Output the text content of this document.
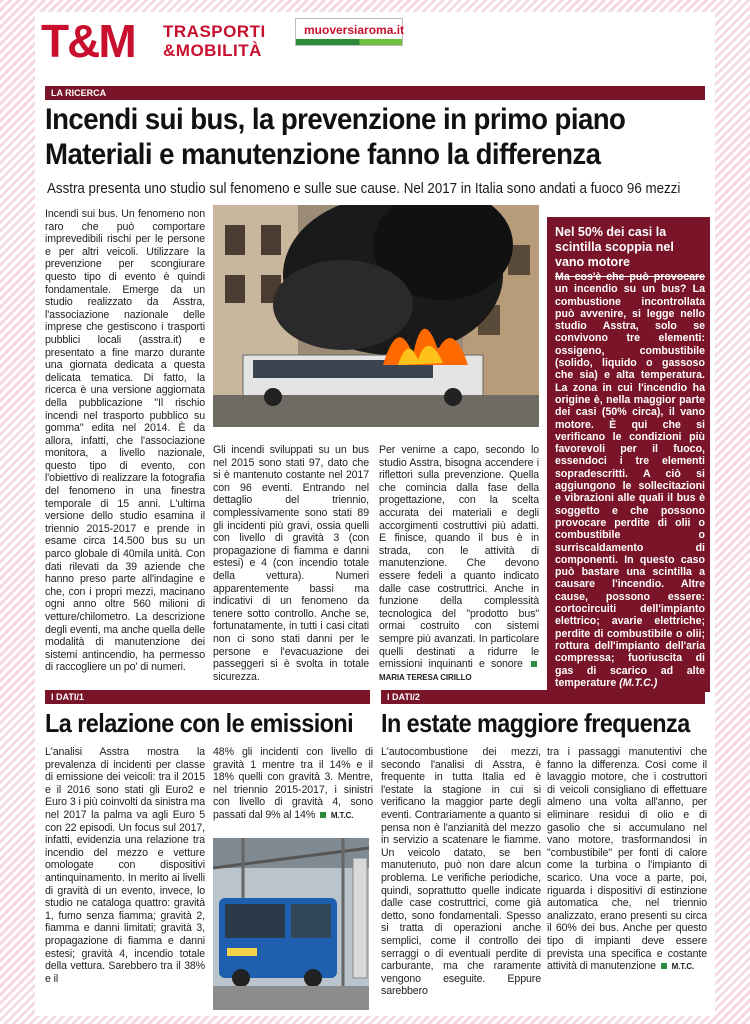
T&M TRASPORTI
&MOBILITÀ
muoversiaroma.it
LA RICERCA
Incendi sui bus, la prevenzione in primo piano
Materiali e manutenzione fanno la differenza
Asstra presenta uno studio sul fenomeno e sulle sue cause. Nel 2017 in Italia sono andati a fuoco 96 mezzi

Incendi sui bus. Un fenomeno non raro che può comportare imprevedibili rischi per le persone e per altri veicoli. Utilizzare la prevenzione per scongiurare questo tipo di evento è quindi fondamentale. Emerge da un studio realizzato da Asstra, l'associazione nazionale delle imprese che gestiscono i trasporti pubblici locali (asstra.it) e presentato a fine marzo durante una giornata dedicata a questa delicata tematica. Di fatto, la ricerca è una versione aggiornata della pubblicazione "Il rischio incendi nel trasporto pubblico su gomma" edita nel 2014. È da allora, infatti, che l'associazione monitora, a livello nazionale, questo tipo di evento, con l'obiettivo di realizzare la fotografia del fenomeno in una finestra temporale di 15 anni. L'ultima versione dello studio esamina il triennio 2015-2017 e prende in esame circa 14.500 bus su un parco globale di 40mila unità. Con dati rilevati da 39 aziende che hanno preso parte all'indagine e che, con i propri mezzi, macinano ogni anno oltre 560 milioni di vetture/chilometro. La descrizione degli eventi, ma anche quella delle modalità di manutenzione dei sistemi antincendio, ha permesso di raccogliere un po' di numeri.

Gli incendi sviluppati su un bus nel 2015 sono stati 97, dato che si è mantenuto costante nel 2017 con 96 eventi. Entrando nel dettaglio del triennio, complessivamente sono stati 89 gli incidenti più gravi, ossia quelli con livello di gravità 3 (con propagazione di fiamma e danni estesi) e 4 (con incendio totale della vettura). Numeri apparentemente bassi ma indicativi di un fenomeno da tenere sotto controllo. Anche se, fortunatamente, in tutti i casi citati non ci sono stati danni per le persone e l'evacuazione dei passeggeri si è svolta in totale sicurezza.

Per venirne a capo, secondo lo studio Asstra, bisogna accendere i riflettori sulla prevenzione. Quella che comincia dalla fase della progettazione, con la scelta accurata dei materiali e degli accorgimenti costruttivi più adatti. E finisce, quando il bus è in strada, con le attività di manutenzione. Che devono essere fedeli a quanto indicato dalle case costruttrici. Anche in funzione della complessità tecnologica del "prodotto bus" ormai costruito con sistemi sempre più avanzati. In particolare quelli destinati a ridurre le emissioni inquinanti e sonore  MARIA TERESA CIRILLO

Nel 50% dei casi la scintilla scoppia nel vano motore
Ma cos'è che può provocare un incendio su un bus? La combustione incontrollata può avvenire, si legge nello studio Asstra, solo se convivono tre elementi: ossigeno, combustibile (solido, liquido o gassoso che sia) e alta temperatura. La zona in cui l'incendio ha origine è, nella maggior parte dei casi (50% circa), il vano motore. È qui che si verificano le condizioni più favorevoli per il fuoco, essendoci i tre elementi sopradescritti. A ciò si aggiungono le sollecitazioni e vibrazioni alle quali il bus è soggetto e che possono provocare perdite di olii o combustibile o surriscaldamento di componenti. In questo caso può bastare una scintilla a causare l'incendio. Altre cause, possono essere: cortocircuiti dell'impianto elettrico; avarie elettriche; perdite di combustibile o olii; rottura dell'impianto dell'aria compressa; fuoriuscita di gas di scarico ad alte temperature (M.T.C.)
I DATI/1
La relazione con le emissioni

L'analisi Asstra mostra la prevalenza di incidenti per classe di emissione dei veicoli: tra il 2015 e il 2016 sono stati gli Euro2 e Euro 3 i più coinvolti da sinistra ma nel 2017 la palma va agli Euro 5 con 22 episodi. Un focus sul 2017, infatti, evidenzia una relazione tra incendio del mezzo e vetture omologate con dispositivi antinquinamento. In merito ai livelli di gravità di un evento, invece, lo studio ne cataloga quattro: gravità 1, fumo senza fiamma; gravità 2, fiamma e danni limitati; gravità 3, propagazione di fiamma e danni estesi; gravità 4, incendio totale della vettura. Sarebbero tra il 38% e il

48% gli incidenti con livello di gravità 1 mentre tra il 14% e il 18% quelli con gravità 3. Mentre, nel triennio 2015-2017, i sinistri con livello di gravità 4, sono passati dal 9% al 14% M.T.C.

I DATI/2
In estate maggiore frequenza

L'autocombustione dei mezzi, secondo l'analisi di Asstra, è frequente in tutta Italia ed è l'estate la stagione in cui si verificano la maggior parte degli eventi. Contrariamente a quanto si pensa non è l'anzianità del mezzo in servizio a scatenare le fiamme. Un veicolo datato, se ben manutenuto, può non dare alcun problema. Le verifiche periodiche, quindi, soprattutto quelle indicate dalle case costruttrici, come già detto, sono fondamentali. Spesso si tratta di operazioni anche semplici, come il controllo dei serraggi o di eventuali perdite di carburante, ma che raramente vengono eseguite. Eppure sarebbero

tra i passaggi manutentivi che fanno la differenza. Così come il lavaggio motore, che i costruttori di veicoli consigliano di effettuare almeno una volta all'anno, per eliminare residui di olio e di gasolio che si accumulano nel vano motore, trasformandosi in "combustibile" per fonti di calore come la turbina o l'impianto di scarico. Una voce a parte, poi, riguarda i dispositivi di estinzione automatica che, nel triennio analizzato, erano presenti su circa il 60% dei bus. Anche per questo tipo di impianti deve essere prevista una specifica e costante attività di manutenzione M.T.C.
